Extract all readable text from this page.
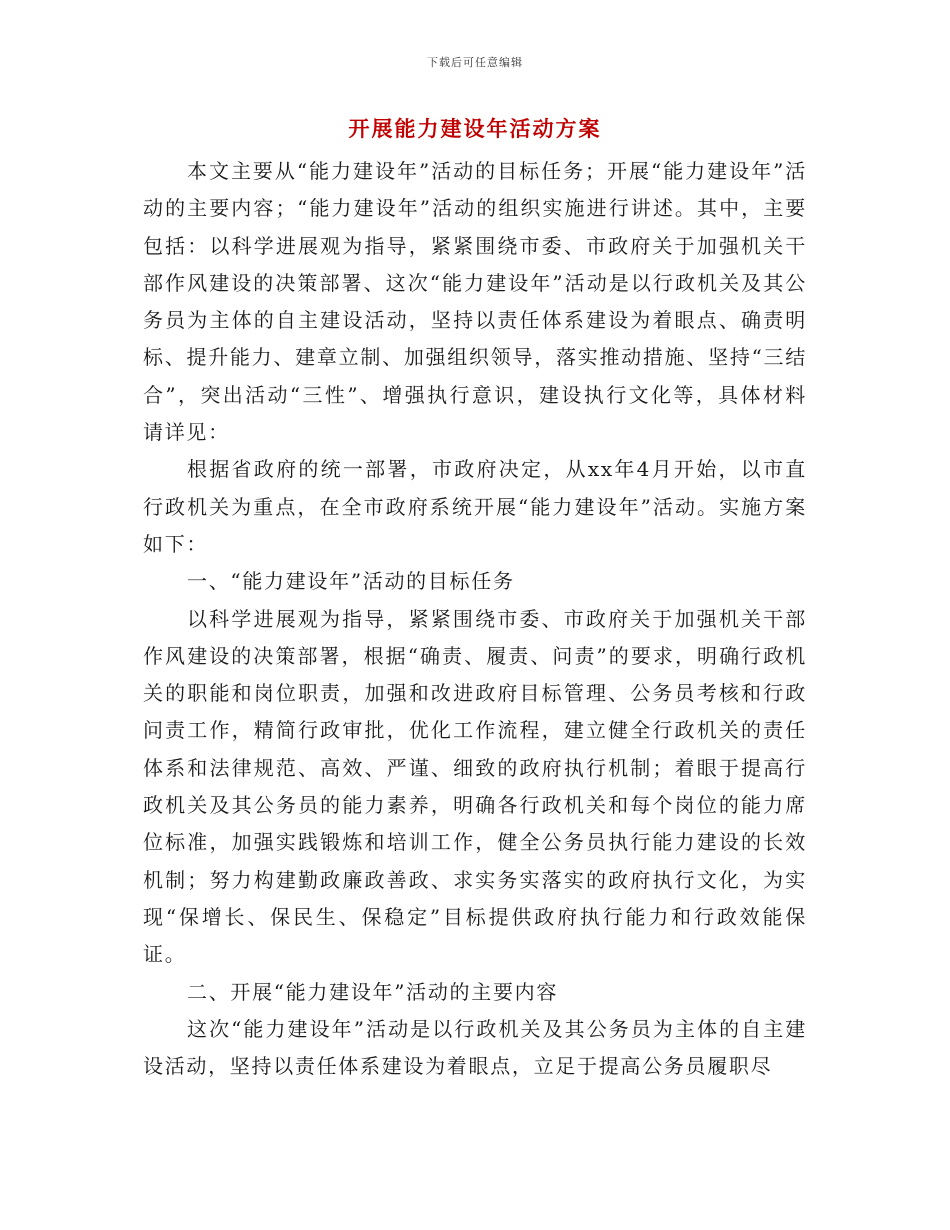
下载后可任意编辑
开展能力建设年活动方案

本文主要从“能力建设年”活动的目标任务；开展“能力建设年”活动的主要内容；“能力建设年”活动的组织实施进行讲述。其中，主要包括：以科学进展观为指导，紧紧围绕市委、市政府关于加强机关干部作风建设的决策部署、这次“能力建设年”活动是以行政机关及其公务员为主体的自主建设活动，坚持以责任体系建设为着眼点、确责明标、提升能力、建章立制、加强组织领导，落实推动措施、坚持“三结合”，突出活动“三性”、增强执行意识，建设执行文化等，具体材料请详见：

根据省政府的统一部署，市政府决定，从xx年4月开始，以市直行政机关为重点，在全市政府系统开展“能力建设年”活动。实施方案如下：

一、“能力建设年”活动的目标任务

以科学进展观为指导，紧紧围绕市委、市政府关于加强机关干部作风建设的决策部署，根据“确责、履责、问责”的要求，明确行政机关的职能和岗位职责，加强和改进政府目标管理、公务员考核和行政问责工作，精简行政审批，优化工作流程，建立健全行政机关的责任体系和法律规范、高效、严谨、细致的政府执行机制；着眼于提高行政机关及其公务员的能力素养，明确各行政机关和每个岗位的能力席位标准，加强实践锻炼和培训工作，健全公务员执行能力建设的长效机制；努力构建勤政廉政善政、求实务实落实的政府执行文化，为实现“保增长、保民生、保稳定”目标提供政府执行能力和行政效能保证。

二、开展“能力建设年”活动的主要内容

这次“能力建设年”活动是以行政机关及其公务员为主体的自主建设活动，坚持以责任体系建设为着眼点，立足于提高公务员履职尽
